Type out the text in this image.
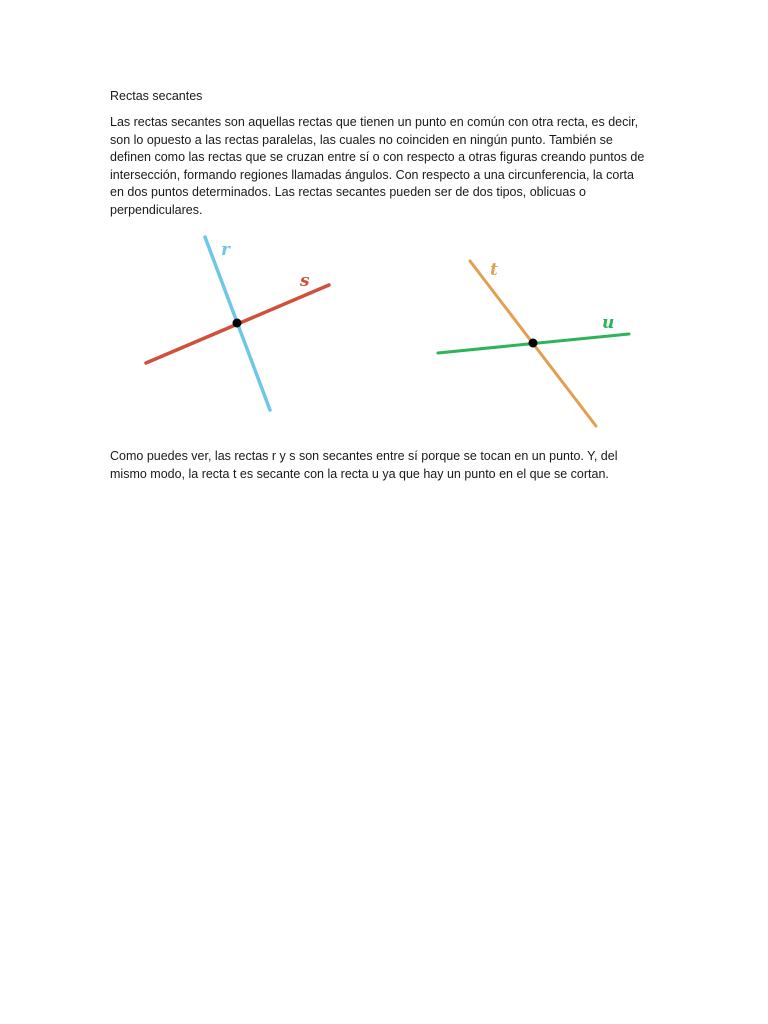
Rectas secantes

Las rectas secantes son aquellas rectas que tienen un punto en común con otra recta, es decir, son lo opuesto a las rectas paralelas, las cuales no coinciden en ningún punto. También se definen como las rectas que se cruzan entre sí o con respecto a otras figuras creando puntos de intersección, formando regiones llamadas ángulos. Con respecto a una circunferencia, la corta en dos puntos determinados. Las rectas secantes pueden ser de dos tipos, oblicuas o perpendiculares.

r
s
t
u

Como puedes ver, las rectas r y s son secantes entre sí porque se tocan en un punto. Y, del mismo modo, la recta t es secante con la recta u ya que hay un punto en el que se cortan.
